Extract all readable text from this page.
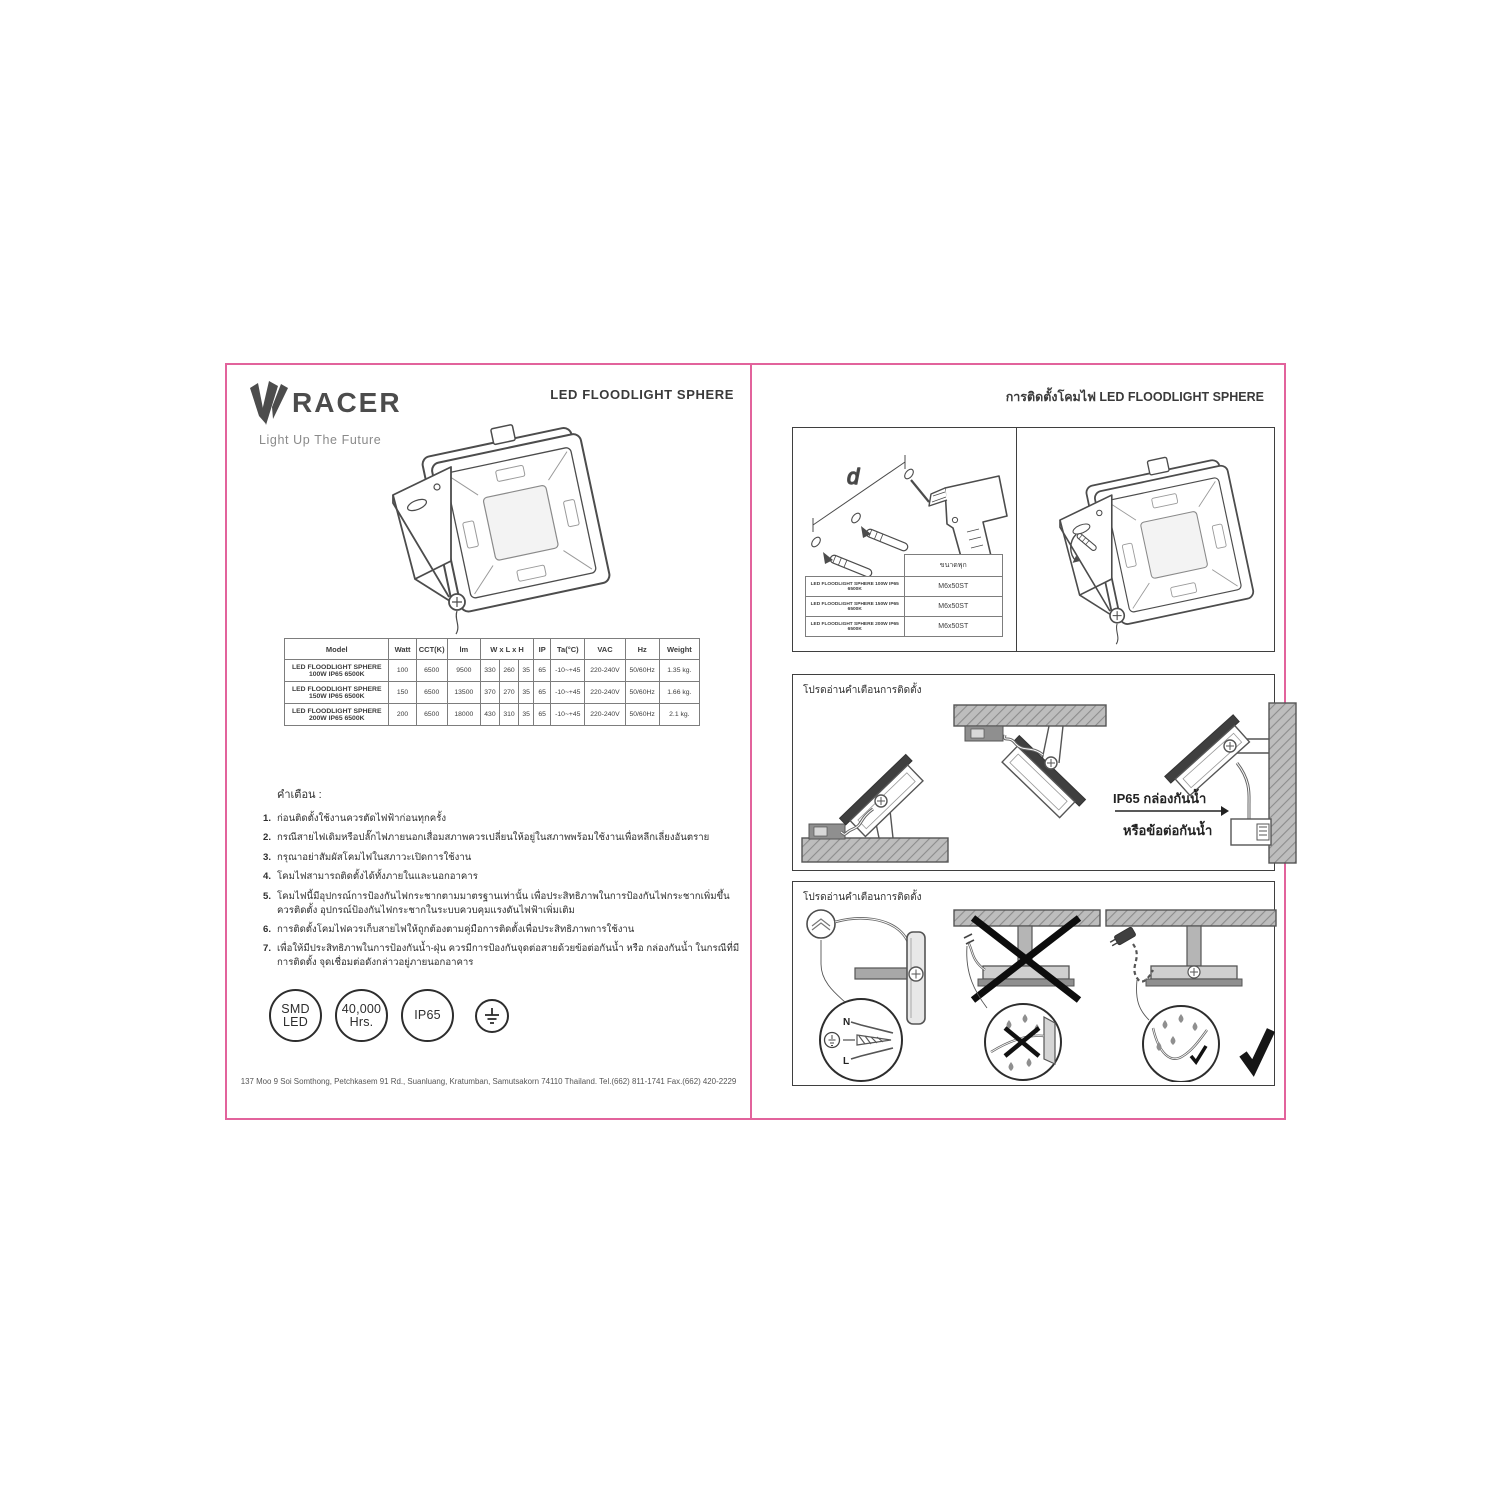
RACER
Light Up The Future
LED FLOODLIGHT SPHERE
Model	Watt	CCT(K)	lm	W x L x H			IP	Ta(°C)	VAC	Hz	Weight
LED FLOODLIGHT SPHERE 100W IP65 6500K	100	6500	9500	330	260	35	65	-10~+45	220-240V	50/60Hz	1.35 kg.
LED FLOODLIGHT SPHERE 150W IP65 6500K	150	6500	13500	370	270	35	65	-10~+45	220-240V	50/60Hz	1.66 kg.
LED FLOODLIGHT SPHERE 200W IP65 6500K	200	6500	18000	430	310	35	65	-10~+45	220-240V	50/60Hz	2.1 kg.
คำเตือน :
1. ก่อนติดตั้งใช้งานควรตัดไฟฟ้าก่อนทุกครั้ง
2. กรณีสายไฟเดิมหรือปลั๊กไฟภายนอกเสื่อมสภาพควรเปลี่ยนให้อยู่ในสภาพพร้อมใช้งานเพื่อหลีกเลี่ยงอันตราย
3. กรุณาอย่าสัมผัสโคมไฟในสภาวะเปิดการใช้งาน
4. โคมไฟสามารถติดตั้งได้ทั้งภายในและนอกอาคาร
5. โคมไฟนี้มีอุปกรณ์การป้องกันไฟกระชากตามมาตรฐานเท่านั้น เพื่อประสิทธิภาพในการป้องกันไฟกระชากเพิ่มขึ้นควรติดตั้ง อุปกรณ์ป้องกันไฟกระชากในระบบควบคุมแรงดันไฟฟ้าเพิ่มเติม
6. การติดตั้งโคมไฟควรเก็บสายไฟให้ถูกต้องตามคู่มือการติดตั้งเพื่อประสิทธิภาพการใช้งาน
7. เพื่อให้มีประสิทธิภาพในการป้องกันน้ำ-ฝุ่น ควรมีการป้องกันจุดต่อสายด้วยข้อต่อกันน้ำ หรือ กล่องกันน้ำ ในกรณีที่มีการติดตั้ง จุดเชื่อมต่อดังกล่าวอยู่ภายนอกอาคาร
SMD
LED
40,000
Hrs.	IP65
137 Moo 9 Soi Somthong, Petchkasem 91 Rd., Suanluang, Kratumban, Samutsakorn 74110 Thailand. Tel.(662) 811-1741 Fax.(662) 420-2229
การติดตั้งโคมไฟ LED FLOODLIGHT SPHERE
d
	ขนาดพุก
LED FLOODLIGHT SPHERE 100W IP65 6500K	M6x50ST
LED FLOODLIGHT SPHERE 150W IP65 6500K	M6x50ST
LED FLOODLIGHT SPHERE 200W IP65 6500K	M6x50ST
โปรดอ่านคำเตือนการติดตั้ง
IP65 กล่องกันน้ำ
หรือข้อต่อกันน้ำ
โปรดอ่านคำเตือนการติดตั้ง
N
L
